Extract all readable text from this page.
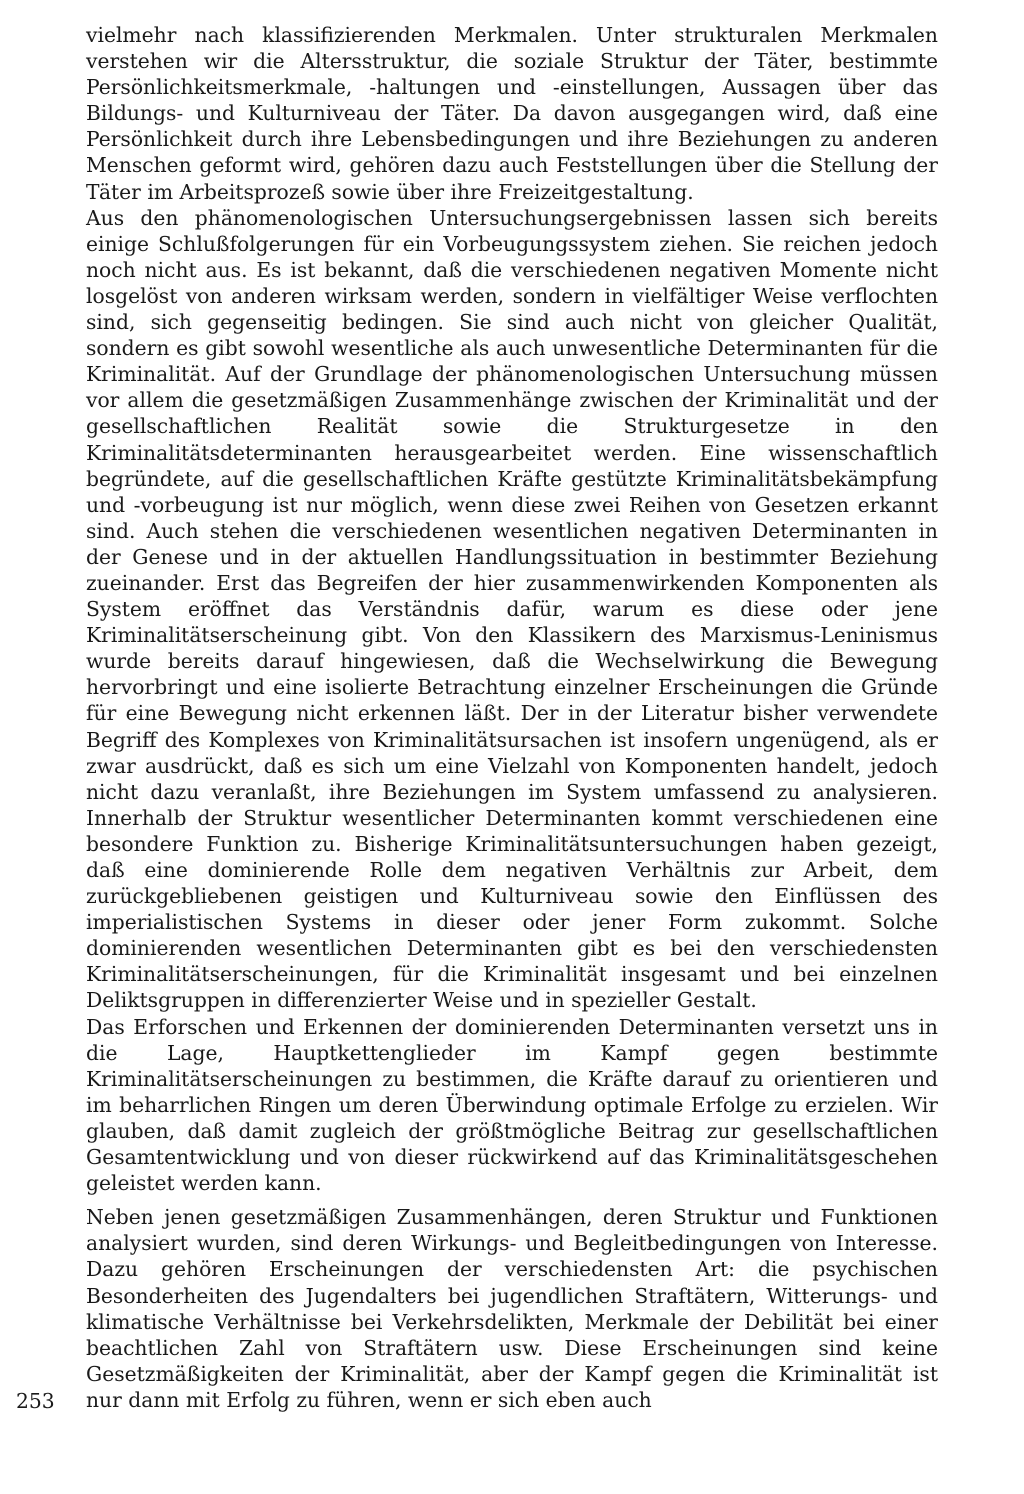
vielmehr nach klassifizierenden Merkmalen. Unter strukturalen Merkmalen verstehen wir die Altersstruktur, die soziale Struktur der Täter, bestimmte Persönlichkeitsmerkmale, -haltungen und -einstellungen, Aussagen über das Bildungs- und Kulturniveau der Täter. Da davon ausgegangen wird, daß eine Persönlichkeit durch ihre Lebensbedingungen und ihre Beziehungen zu anderen Menschen geformt wird, gehören dazu auch Feststellungen über die Stellung der Täter im Arbeitsprozeß sowie über ihre Freizeitgestaltung.

Aus den phänomenologischen Untersuchungsergebnissen lassen sich bereits einige Schlußfolgerungen für ein Vorbeugungssystem ziehen. Sie reichen jedoch noch nicht aus. Es ist bekannt, daß die verschiedenen negativen Momente nicht losgelöst von anderen wirksam werden, sondern in vielfältiger Weise verflochten sind, sich gegenseitig bedingen. Sie sind auch nicht von gleicher Qualität, sondern es gibt sowohl wesentliche als auch unwesentliche Determinanten für die Kriminalität. Auf der Grundlage der phänomenologischen Untersuchung müssen vor allem die gesetzmäßigen Zusammenhänge zwischen der Kriminalität und der gesellschaftlichen Realität sowie die Strukturgesetze in den Kriminalitätsdeterminanten herausgearbeitet werden. Eine wissenschaftlich begründete, auf die gesellschaftlichen Kräfte gestützte Kriminalitätsbekämpfung und -vorbeugung ist nur möglich, wenn diese zwei Reihen von Gesetzen erkannt sind. Auch stehen die verschiedenen wesentlichen negativen Determinanten in der Genese und in der aktuellen Handlungssituation in bestimmter Beziehung zueinander. Erst das Begreifen der hier zusammenwirkenden Komponenten als System eröffnet das Verständnis dafür, warum es diese oder jene Kriminalitätserscheinung gibt. Von den Klassikern des Marxismus-Leninismus wurde bereits darauf hingewiesen, daß die Wechselwirkung die Bewegung hervorbringt und eine isolierte Betrachtung einzelner Erscheinungen die Gründe für eine Bewegung nicht erkennen läßt. Der in der Literatur bisher verwendete Begriff des Komplexes von Kriminalitätsursachen ist insofern ungenügend, als er zwar ausdrückt, daß es sich um eine Vielzahl von Komponenten handelt, jedoch nicht dazu veranlaßt, ihre Beziehungen im System umfassend zu analysieren. Innerhalb der Struktur wesentlicher Determinanten kommt verschiedenen eine besondere Funktion zu. Bisherige Kriminalitätsuntersuchungen haben gezeigt, daß eine dominierende Rolle dem negativen Verhältnis zur Arbeit, dem zurückgebliebenen geistigen und Kulturniveau sowie den Einflüssen des imperialistischen Systems in dieser oder jener Form zukommt. Solche dominierenden wesentlichen Determinanten gibt es bei den verschiedensten Kriminalitätserscheinungen, für die Kriminalität insgesamt und bei einzelnen Deliktsgruppen in differenzierter Weise und in spezieller Gestalt.

Das Erforschen und Erkennen der dominierenden Determinanten versetzt uns in die Lage, Hauptkettenglieder im Kampf gegen bestimmte Kriminalitätserscheinungen zu bestimmen, die Kräfte darauf zu orientieren und im beharrlichen Ringen um deren Überwindung optimale Erfolge zu erzielen. Wir glauben, daß damit zugleich der größtmögliche Beitrag zur gesellschaftlichen Gesamtentwicklung und von dieser rückwirkend auf das Kriminalitätsgeschehen geleistet werden kann.

Neben jenen gesetzmäßigen Zusammenhängen, deren Struktur und Funktionen analysiert wurden, sind deren Wirkungs- und Begleitbedingungen von Interesse. Dazu gehören Erscheinungen der verschiedensten Art: die psychischen Besonderheiten des Jugendalters bei jugendlichen Straftätern, Witterungs- und klimatische Verhältnisse bei Verkehrsdelikten, Merkmale der Debilität bei einer beachtlichen Zahl von Straftätern usw. Diese Erscheinungen sind keine Gesetzmäßigkeiten der Kriminalität, aber der Kampf gegen die Kriminalität ist nur dann mit Erfolg zu führen, wenn er sich eben auch

253
